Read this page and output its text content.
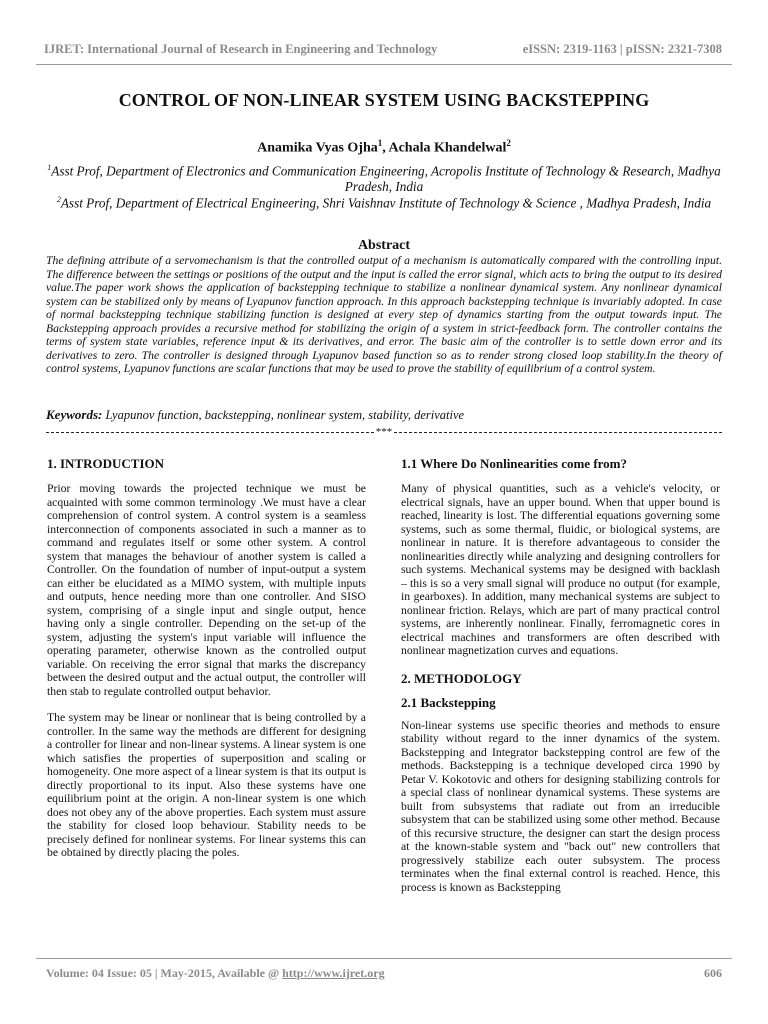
IJRET: International Journal of Research in Engineering and Technology	eISSN: 2319-1163 | pISSN: 2321-7308
CONTROL OF NON-LINEAR SYSTEM USING BACKSTEPPING
Anamika Vyas Ojha$^1$, Achala Khandelwal$^2$
$^1$Asst Prof, Department of Electronics and Communication Engineering, Acropolis Institute of Technology & Research, Madhya Pradesh, India
$^2$Asst Prof, Department of Electrical Engineering, Shri Vaishnav Institute of Technology & Science , Madhya Pradesh, India
Abstract
The defining attribute of a servomechanism is that the controlled output of a mechanism is automatically compared with the controlling input. The difference between the settings or positions of the output and the input is called the error signal, which acts to bring the output to its desired value.The paper work shows the application of backstepping technique to stabilize a nonlinear dynamical system. Any nonlinear dynamical system can be stabilized only by means of Lyapunov function approach. In this approach backstepping technique is invariably adopted. In case of normal backstepping technique stabilizing function is designed at every step of dynamics starting from the output towards input. The Backstepping approach provides a recursive method for stabilizing the origin of a system in strict-feedback form. The controller contains the terms of system state variables, reference input & its derivatives, and error. The basic aim of the controller is to settle down error and its derivatives to zero. The controller is designed through Lyapunov based function so as to render strong closed loop stability.In the theory of control systems, Lyapunov functions are scalar functions that may be used to prove the stability of equilibrium of a control system.
Keywords: Lyapunov function, backstepping, nonlinear system, stability, derivative
***
1. INTRODUCTION

Prior moving towards the projected technique we must be acquainted with some common terminology .We must have a clear comprehension of control system. A control system is a seamless interconnection of components associated in such a manner as to command and regulates itself or some other system. A control system that manages the behaviour of another system is called a Controller. On the foundation of number of input-output a system can either be elucidated as a MIMO system, with multiple inputs and outputs, hence needing more than one controller. And SISO system, comprising of a single input and single output, hence having only a single controller. Depending on the set-up of the system, adjusting the system's input variable will influence the operating parameter, otherwise known as the controlled output variable. On receiving the error signal that marks the discrepancy between the desired output and the actual output, the controller will then stab to regulate controlled output behavior.

The system may be linear or nonlinear that is being controlled by a controller. In the same way the methods are different for designing a controller for linear and non-linear systems. A linear system is one which satisfies the properties of superposition and scaling or homogeneity. One more aspect of a linear system is that its output is directly proportional to its input. Also these systems have one equilibrium point at the origin. A non-linear system is one which does not obey any of the above properties. Each system must assure the stability for closed loop behaviour. Stability needs to be precisely defined for nonlinear systems. For linear systems this can be obtained by directly placing the poles.

1.1 Where Do Nonlinearities come from?

Many of physical quantities, such as a vehicle's velocity, or electrical signals, have an upper bound. When that upper bound is reached, linearity is lost. The differential equations governing some systems, such as some thermal, fluidic, or biological systems, are nonlinear in nature. It is therefore advantageous to consider the nonlinearities directly while analyzing and designing controllers for such systems. Mechanical systems may be designed with backlash – this is so a very small signal will produce no output (for example, in gearboxes). In addition, many mechanical systems are subject to nonlinear friction. Relays, which are part of many practical control systems, are inherently nonlinear. Finally, ferromagnetic cores in electrical machines and transformers are often described with nonlinear magnetization curves and equations.

2. METHODOLOGY
2.1 Backstepping

Non-linear systems use specific theories and methods to ensure stability without regard to the inner dynamics of the system. Backstepping and Integrator backstepping control are few of the methods. Backstepping is a technique developed circa 1990 by Petar V. Kokotovic and others for designing stabilizing controls for a special class of nonlinear dynamical systems. These systems are built from subsystems that radiate out from an irreducible subsystem that can be stabilized using some other method. Because of this recursive structure, the designer can start the design process at the known-stable system and "back out" new controllers that progressively stabilize each outer subsystem. The process terminates when the final external control is reached. Hence, this process is known as Backstepping

Volume: 04 Issue: 05 | May-2015, Available @ http://www.ijret.org	606
